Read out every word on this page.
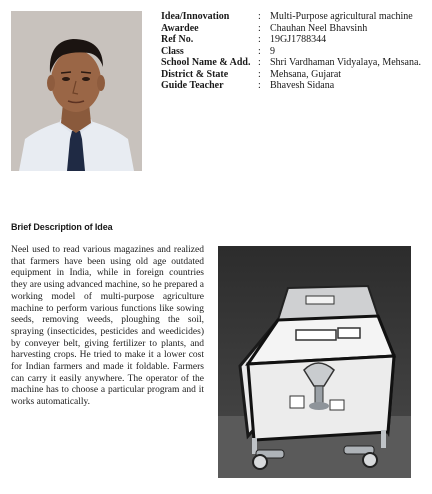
Idea/Innovation	: Multi-Purpose agricultural machine
Awardee	: Chauhan Neel Bhavsinh
Ref No.	: 19GJ1788344
Class	: 9
School Name & Add. : Shri Vardhaman Vidyalaya, Mehsana.
District & State	: Mehsana, Gujarat
Guide Teacher	: Bhavesh Sidana
Brief Description of Idea
Neel used to read various magazines and realized that farmers have been using old age outdated equipment in India, while in foreign countries they are using advanced machine, so he prepared a working model of multi-purpose agriculture machine to perform various functions like sowing seeds, removing weeds, ploughing the soil, spraying (insecticides, pesticides and weedicides) by conveyer belt, giving fertilizer to plants, and harvesting crops. He tried to make it a lower cost for Indian farmers and made it foldable. Farmers can carry it easily anywhere. The operator of the machine has to choose a particular program and it works automatically.
